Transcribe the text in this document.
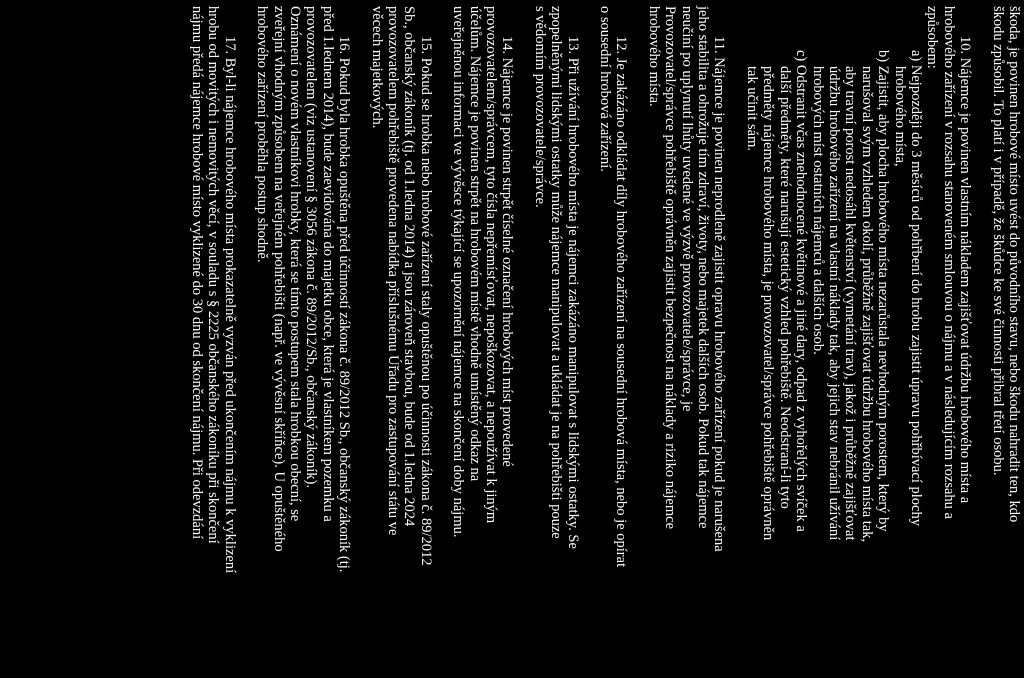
škoda, je povinen hrobové místo uvést do původního stavu, nebo škodu nahradit ten, kdo

škodu způsobil. To platí i v případě, že škůdce ke své činnosti přibral třetí osobu.

10. Nájemce je povinen vlastním nákladem zajišťovat údržbu hrobového místa a

hrobového zařízení v rozsahu stanoveném smlouvou o nájmu a v následujícím rozsahu a

způsobem:

a) Nejpozději do 3 měsíců od pohřbení do hrobu zajistit úpravu pohřbívací plochy

hrobového místa,

b) Zajistit, aby plocha hrobového místa nezarůstala nevhodným porostem, který by

narušoval svým vzhledem okolí, průběžně zajišťovat údržbu hrobového místa tak,

aby travní porost nedosáhl květenství (vymetání trav), jakož i průběžně zajišťovat

údržbu hrobového zařízení na vlastní náklady tak, aby jejich stav nebránil užívání

hrobových míst ostatních nájemců a dalších osob.

c) Odstranit včas znehodnocené květinové a jiné dary, odpad z vyhořelých svíček a

další předměty, které narušují estetický vzhled pohřebiště. Neodstraní-li tyto

předměty nájemce hrobového místa, je provozovatel/správce pohřebiště oprávněn

tak učinit sám.

11. Nájemce je povinen neprodleně zajistit opravu hrobového zařízení pokud je narušena

jeho stabilita a ohrožuje tím zdraví, životy, nebo majetek dalších osob. Pokud tak nájemce

neučiní po uplynutí lhůty uvedené ve výzvě provozovatele/správce, je

Provozovatel/správce pohřebiště oprávněn zajistit bezpečnost na náklady a riziko nájemce

hrobového místa.

12. Je zakázáno odkládat díly hrobového zařízení na sousední hrobová místa, nebo je opírat

o sousední hrobová zařízení.

13. Při užívání hrobového místa je nájemci zakázáno manipulovat s lidskými ostatky. Se

zpopelněnými lidskými ostatky může nájemce manipulovat a ukládat je na pohřebišti pouze

s vědomím provozovatele/správce.

14. Nájemce je povinen strpět číselné označení hrobových míst provedené

provozovatelem/správcem, tyto čísla nepřemísťovat, nepoškozovat, a nepoužívat k jiným

účelům. Nájemce je povinen strpět na hrobovém místě vhodně umístěný odkaz na

uveřejněnou informaci ve vývěsce týkající se upozornění nájemce na skončení doby nájmu.

15. Pokud se hrobka nebo hrobové zařízení staly opuštěnou po účinnosti zákona č. 89/2012

Sb., občanský zákoník (tj. od 1.ledna 2014) a jsou zároveň stavbou, bude od 1.ledna 2024

provozovatelem pohřebiště provedena nabídka příslušnému Úřadu pro zastupování státu ve

věcech majetkových.

16. Pokud byla hrobka opuštěna před účinností zákona č. 89/2012 Sb., občanský zákoník (tj.

před 1.lednem 2014), bude zaevidována do majetku obce, která je vlastníkem pozemku a

provozovatelem (viz ustanovení § 3056 zákona č. 89/2012/Sb., občanský zákoník).

Oznámení o novém vlastníkovi hrobky, která se tímto postupem stala hrobkou obecní, se

zveřejní vhodným způsobem na veřejném pohřebišti (např. ve vývěsní skříňce). U opuštěného

hrobového zařízení proběhla postup shodně.

17. Byl-li nájemce hrobového místa prokazatelně vyzván před ukončením nájmu k vyklizení

hrobu od movitých i nemovitých věcí, v souladu s § 2225 občanského zákoníku při skončení

nájmu předá nájemce hrobové místo vyklizené do 30 dnu od skončení nájmu. Při odevzdání
